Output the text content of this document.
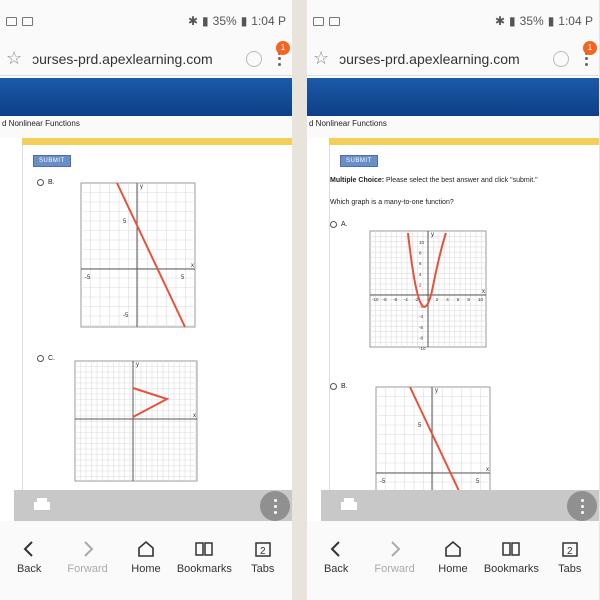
✱ ▮ 35% ▮ 1:04 P
☆ ɔurses-prd.apexlearning.com
1
d Nonlinear Functions
SUBMIT
B.
x
y
5
-5
5
-5
C.
x
y
Back Forward Home Bookmarks
2
Tabs
✱ ▮ 35% ▮ 1:04 P
☆ ɔurses-prd.apexlearning.com
1
d Nonlinear Functions
SUBMIT
Multiple Choice: Please select the best answer and click "submit."
Which graph is a many-to-one function?
A.
x
y
-10 -8 -6 -4 -2	2 4 6 8 10
10
8
6
4
2
-2
-4
-6
-8
-10
B.
x
y
5
5
-5
Back Forward Home Bookmarks
2
Tabs
